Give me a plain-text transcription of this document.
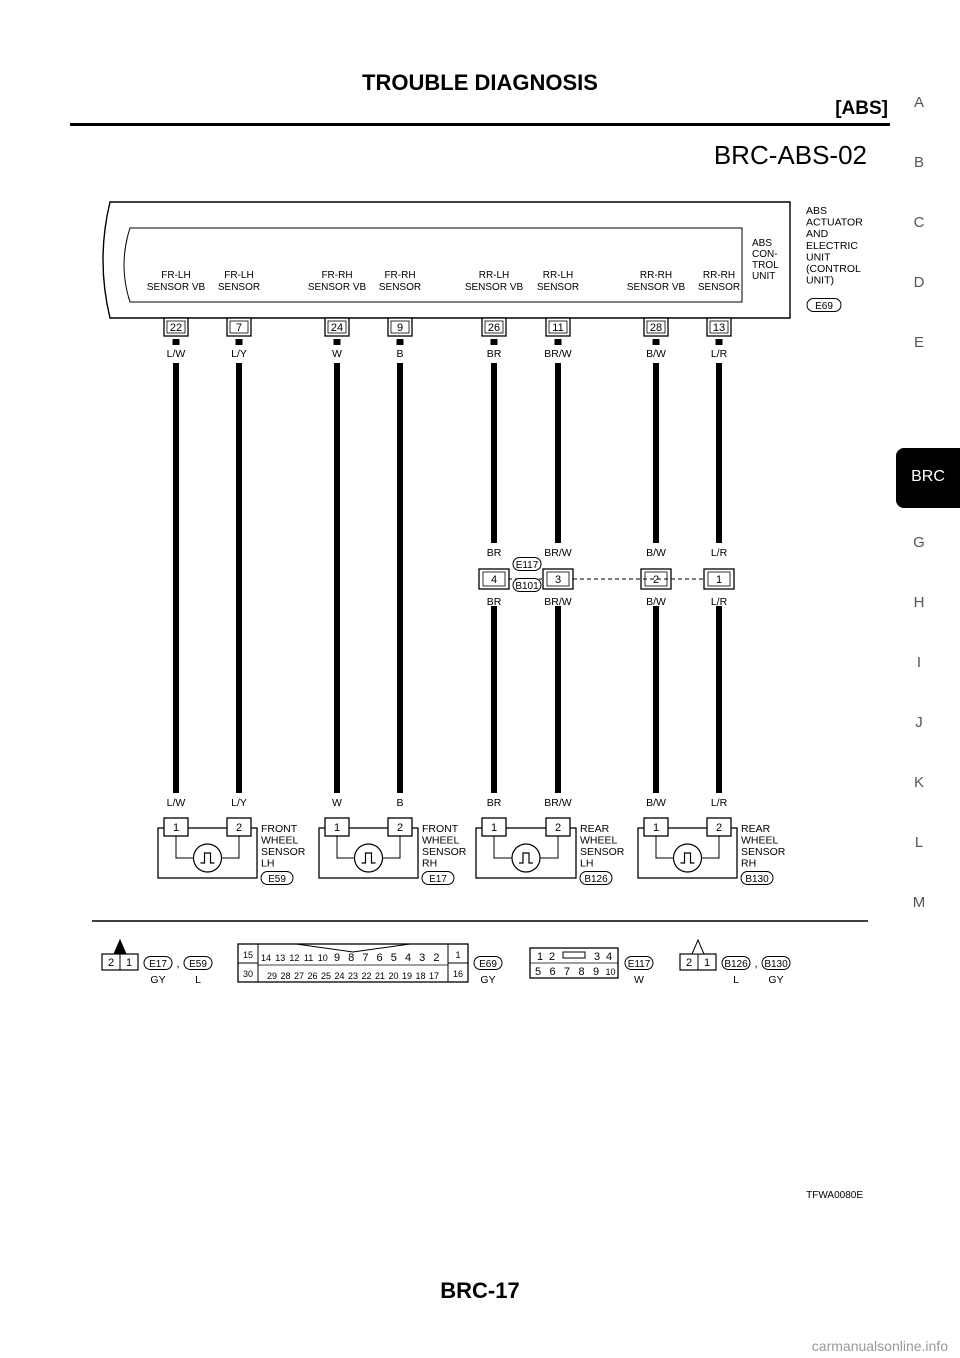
TROUBLE DIAGNOSIS
[ABS]
BRC-ABS-02
A
B
C
D
E
BRC
G
H
I
J
K
L
M
ABS
ACTUATOR
AND
ELECTRIC
UNIT
(CONTROL
UNIT)
ABS
CON-
TROL
UNIT
E69
FR-LH
SENSOR VB
22
L/W
FR-LH
SENSOR
7
L/Y
FR-RH
SENSOR VB
24
W
FR-RH
SENSOR
9
B
RR-LH
SENSOR VB
26
BR
RR-LH
SENSOR
11
BR/W
RR-RH
SENSOR VB
28
B/W
RR-RH
SENSOR
13
L/R
BR
4
BR
BR/W
3
BR/W
B/W
2
B/W
L/R
1
L/R
E117
B101
L/W	L/Y	W	B	BR	BR/W	B/W	L/R
1	2 FRONT
WHEEL
SENSOR
LH
E59
1	2 FRONT
WHEEL
SENSOR
RH
E17
1	2 REAR
WHEEL
SENSOR
LH
B126
1	2 REAR
WHEEL
SENSOR
RH
B130
2 1 E17 , E59
GY	L
2 1 B126 , B130
L	GY
15
30
1
16
14 13 12 11 10 9 8 7 6 5 4 3 2
29 28 27 26 25 24 23 22 21 20 19 18 17
E69
GY
1 2	3 4
5 6 7 8 9 10
E117
W
TFWA0080E
BRC-17
carmanualsonline.info
